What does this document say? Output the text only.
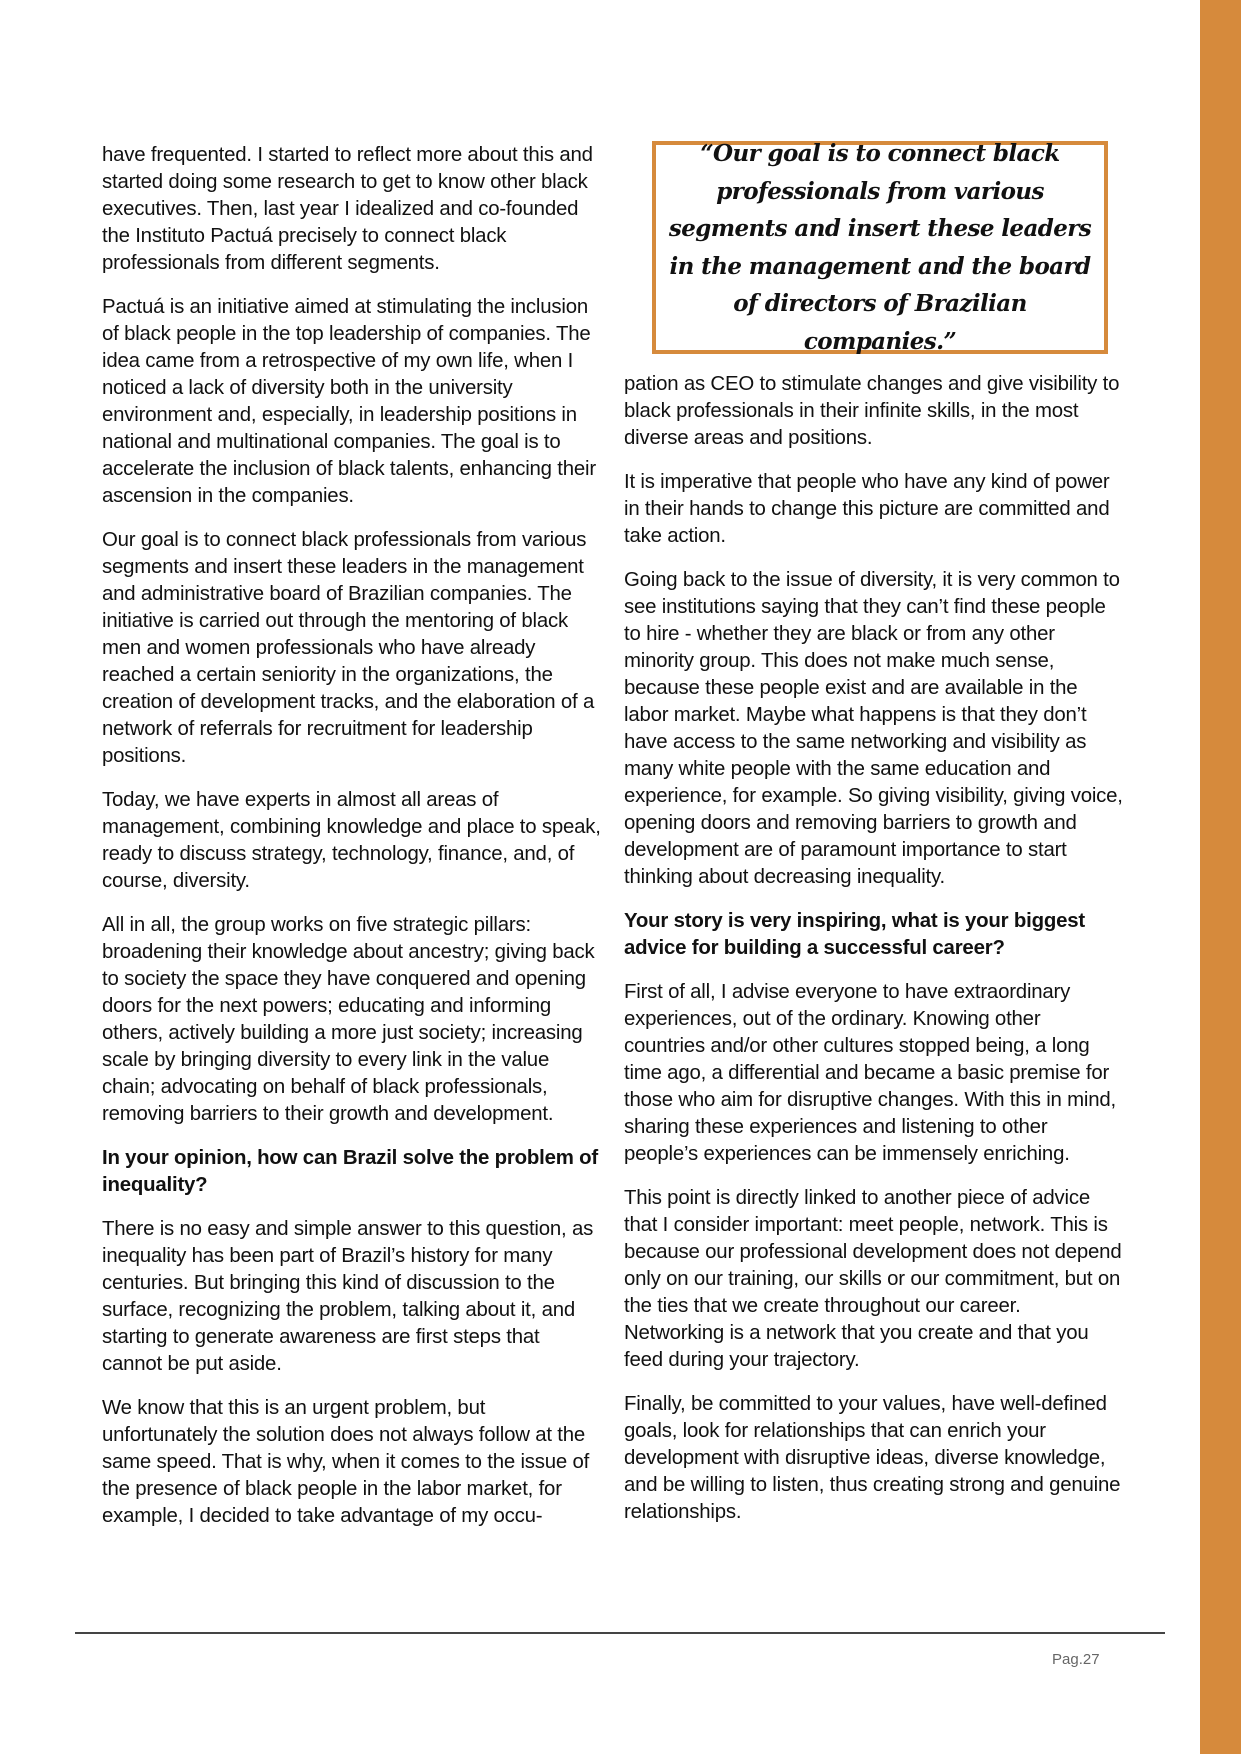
have frequented. I started to reflect more about this and started doing some research to get to know other black executives. Then, last year I idealized and co-founded the Instituto Pactuá precisely to connect black professionals from different segments.

Pactuá is an initiative aimed at stimulating the inclusion of black people in the top leadership of companies. The idea came from a retrospective of my own life, when I noticed a lack of diversity both in the university environment and, especially, in leadership positions in national and multinational companies. The goal is to accelerate the inclusion of black talents, enhancing their ascension in the companies.

Our goal is to connect black professionals from various segments and insert these leaders in the management and administrative board of Brazilian companies. The initiative is carried out through the mentoring of black men and women professionals who have already reached a certain seniority in the organizations, the creation of development tracks, and the elaboration of a network of referrals for recruitment for leadership positions.

Today, we have experts in almost all areas of management, combining knowledge and place to speak, ready to discuss strategy, technology, finance, and, of course, diversity.

All in all, the group works on five strategic pillars: broadening their knowledge about ancestry; giving back to society the space they have conquered and opening doors for the next powers; educating and informing others, actively building a more just society; increasing scale by bringing diversity to every link in the value chain; advocating on behalf of black professionals, removing barriers to their growth and development.

In your opinion, how can Brazil solve the problem of inequality?

There is no easy and simple answer to this question, as inequality has been part of Brazil’s history for many centuries. But bringing this kind of discussion to the surface, recognizing the problem, talking about it, and starting to generate awareness are first steps that cannot be put aside.

We know that this is an urgent problem, but unfortunately the solution does not always follow at the same speed. That is why, when it comes to the issue of the presence of black people in the labor market, for example, I decided to take advantage of my occu-

“Our goal is to connect black professionals from various segments and insert these leaders in the management and the board of directors of Brazilian companies.”

pation as CEO to stimulate changes and give visibility to black professionals in their infinite skills, in the most diverse areas and positions.

It is imperative that people who have any kind of power in their hands to change this picture are committed and take action.

Going back to the issue of diversity, it is very common to see institutions saying that they can’t find these people to hire - whether they are black or from any other minority group. This does not make much sense, because these people exist and are available in the labor market. Maybe what happens is that they don’t have access to the same networking and visibility as many white people with the same education and experience, for example. So giving visibility, giving voice, opening doors and removing barriers to growth and development are of paramount importance to start thinking about decreasing inequality.

Your story is very inspiring, what is your biggest advice for building a successful career?

First of all, I advise everyone to have extraordinary experiences, out of the ordinary. Knowing other countries and/or other cultures stopped being, a long time ago, a differential and became a basic premise for those who aim for disruptive changes. With this in mind, sharing these experiences and listening to other people’s experiences can be immensely enriching.

This point is directly linked to another piece of advice that I consider important: meet people, network. This is because our professional development does not depend only on our training, our skills or our commitment, but on the ties that we create throughout our career. Networking is a network that you create and that you feed during your trajectory.

Finally, be committed to your values, have well-defined goals, look for relationships that can enrich your development with disruptive ideas, diverse knowledge, and be willing to listen, thus creating strong and genuine relationships.

Pag.27
